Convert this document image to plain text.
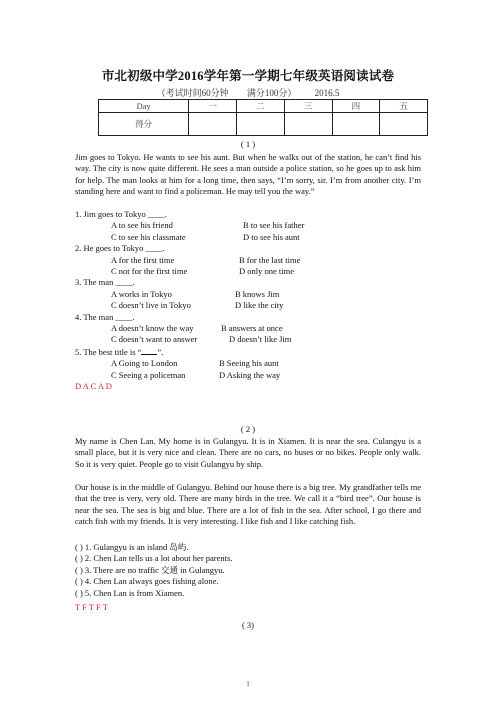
市北初级中学2016学年第一学期七年级英语阅读试卷
（考试时间60分钟 满分100分） 2016.5
Day	一	二	三	四	五
得分					
( 1 )
Jim goes to Tokyo. He wants to see his aunt. But when he walks out of the station, he can’t find his way. The city is now quite different. He sees a man outside a police station, so he goes up to ask him for help. The man looks at him for a long time, then says, “I’m sorry, sir. I’m from another city. I’m standing here and want to find a policeman. He may tell you the way.”
1. Jim goes to Tokyo ____.
A to see his friend	B to see his father
C to see his classmate	D to see his aunt
2. He goes to Tokyo ____.
A for the first time	B for the last time
C not for the first time	D only one time
3. The man ____.
A works in Tokyo	B knows Jim
C doesn’t live in Tokyo	D like the city
4. The man ____.
A doesn’t know the way	B answers at once
C doesn’t want to answer	D doesn’t like Jim
5. The best title is “ ”.
A Going to London	B Seeing his aunt
C Seeing a policeman	D Asking the way
D A C A D
( 2 )
My name is Chen Lan. My home is in Gulangyu. It is in Xiamen. It is near the sea. Culangyu is a small place, but it is very nice and clean. There are no cars, no buses or no bikes. People only walk. So it is very quiet. People go to visit Gulangyu by ship.
Our house is in the middle of Gulangyu. Behind our house there is a big tree. My grandfather tells me that the tree is very, very old. There are many birds in the tree. We call it a “bird tree”. Our house is near the sea. The sea is big and blue. There are a lot of fish in the sea. After school, I go there and catch fish with my friends. It is very interesting. I like fish and I like catching fish.
( ) 1. Gulangyu is an island 岛屿.
( ) 2. Chen Lan tells us a lot about her parents.
( ) 3. There are no traffic 交通 in Gulangyu.
( ) 4. Chen Lan always goes fishing alone.
( ) 5. Chen Lan is from Xiamen.
T F T F T
( 3)
1
